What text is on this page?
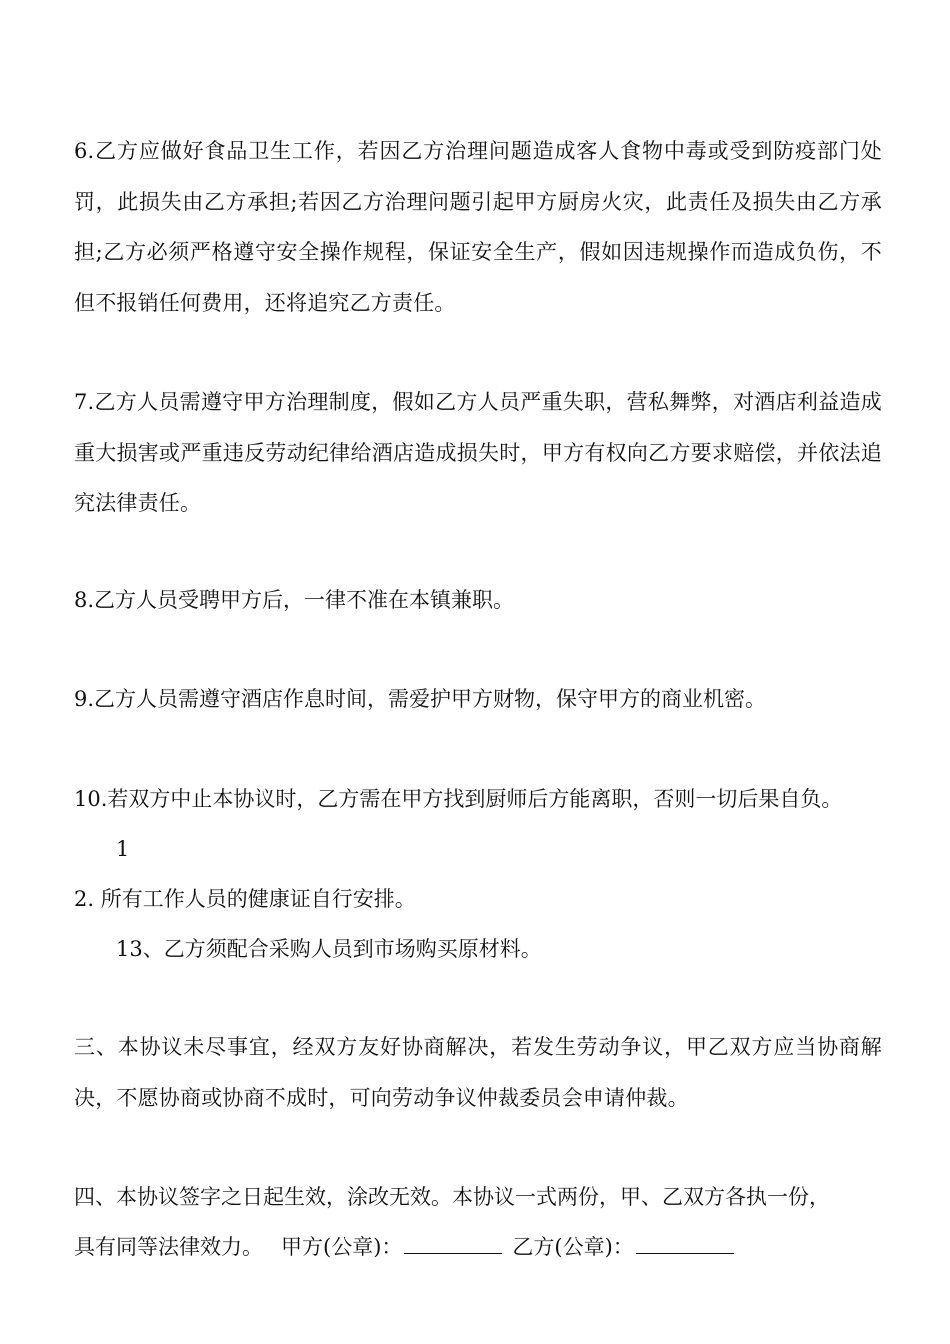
6.乙方应做好食品卫生工作，若因乙方治理问题造成客人食物中毒或受到防疫部门处罚，此损失由乙方承担;若因乙方治理问题引起甲方厨房火灾，此责任及损失由乙方承担;乙方必须严格遵守安全操作规程，保证安全生产，假如因违规操作而造成负伤，不但不报销任何费用，还将追究乙方责任。

7.乙方人员需遵守甲方治理制度，假如乙方人员严重失职，营私舞弊，对酒店利益造成重大损害或严重违反劳动纪律给酒店造成损失时，甲方有权向乙方要求赔偿，并依法追究法律责任。

8.乙方人员受聘甲方后，一律不准在本镇兼职。

9.乙方人员需遵守酒店作息时间，需爱护甲方财物，保守甲方的商业机密。

10.若双方中止本协议时，乙方需在甲方找到厨师后方能离职，否则一切后果自负。

1

2. 所有工作人员的健康证自行安排。

13、乙方须配合采购人员到市场购买原材料。

三、本协议未尽事宜，经双方友好协商解决，若发生劳动争议，甲乙双方应当协商解决，不愿协商或协商不成时，可向劳动争议仲裁委员会申请仲裁。

四、本协议签字之日起生效，涂改无效。本协议一式两份，甲、乙双方各执一份，

具有同等法律效力。 甲方(公章)：	乙方(公章)：
